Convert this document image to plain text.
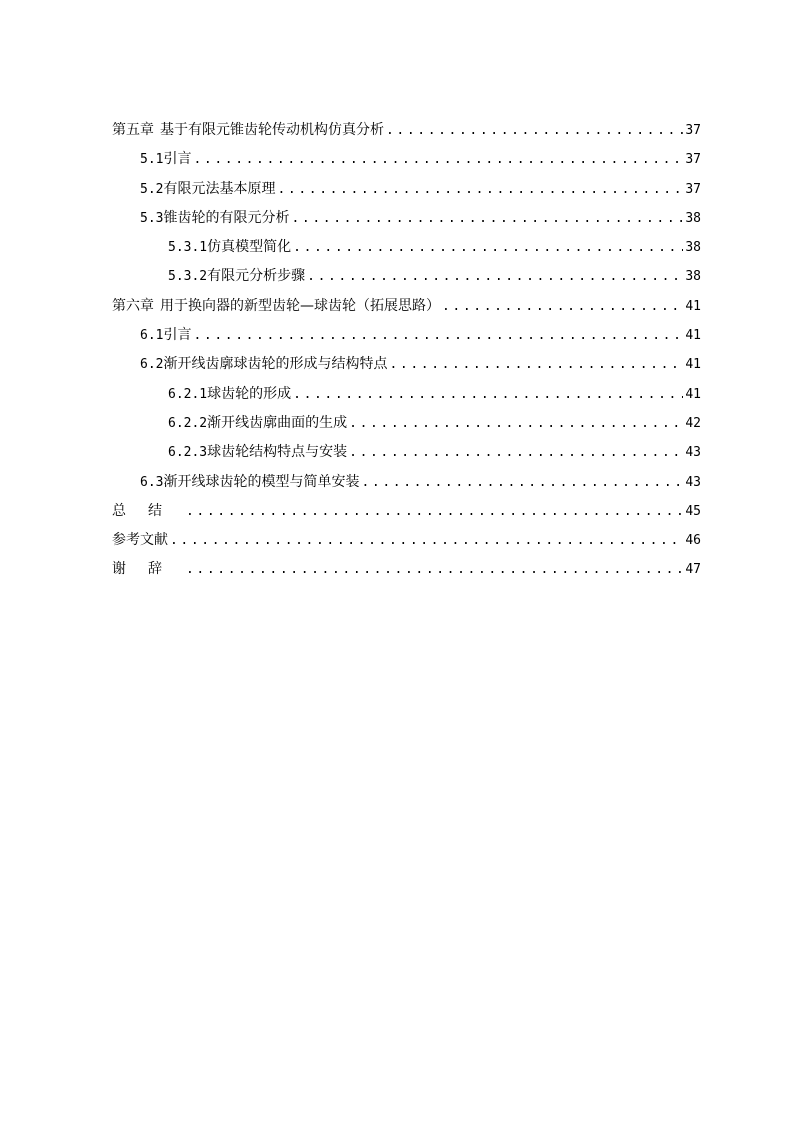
第五章 基于有限元锥齿轮传动机构仿真分析 .....	37
5.1 引言 .....	37
5.2 有限元法基本原理 .....	37
5.3 锥齿轮的有限元分析 .....	38
5.3.1 仿真模型简化 .....	38
5.3.2 有限元分析步骤 .....	38
第六章 用于换向器的新型齿轮—球齿轮（拓展思路） .....	41
6.1 引言 .....	41
6.2 渐开线齿廓球齿轮的形成与结构特点 .....	41
6.2.1 球齿轮的形成 .....	41
6.2.2 渐开线齿廓曲面的生成 .....	42
6.2.3 球齿轮结构特点与安装 .....	43
6.3 渐开线球齿轮的模型与简单安装 .....	43
总结 .....	45
参考文献 .....	46
谢辞 .....	47
